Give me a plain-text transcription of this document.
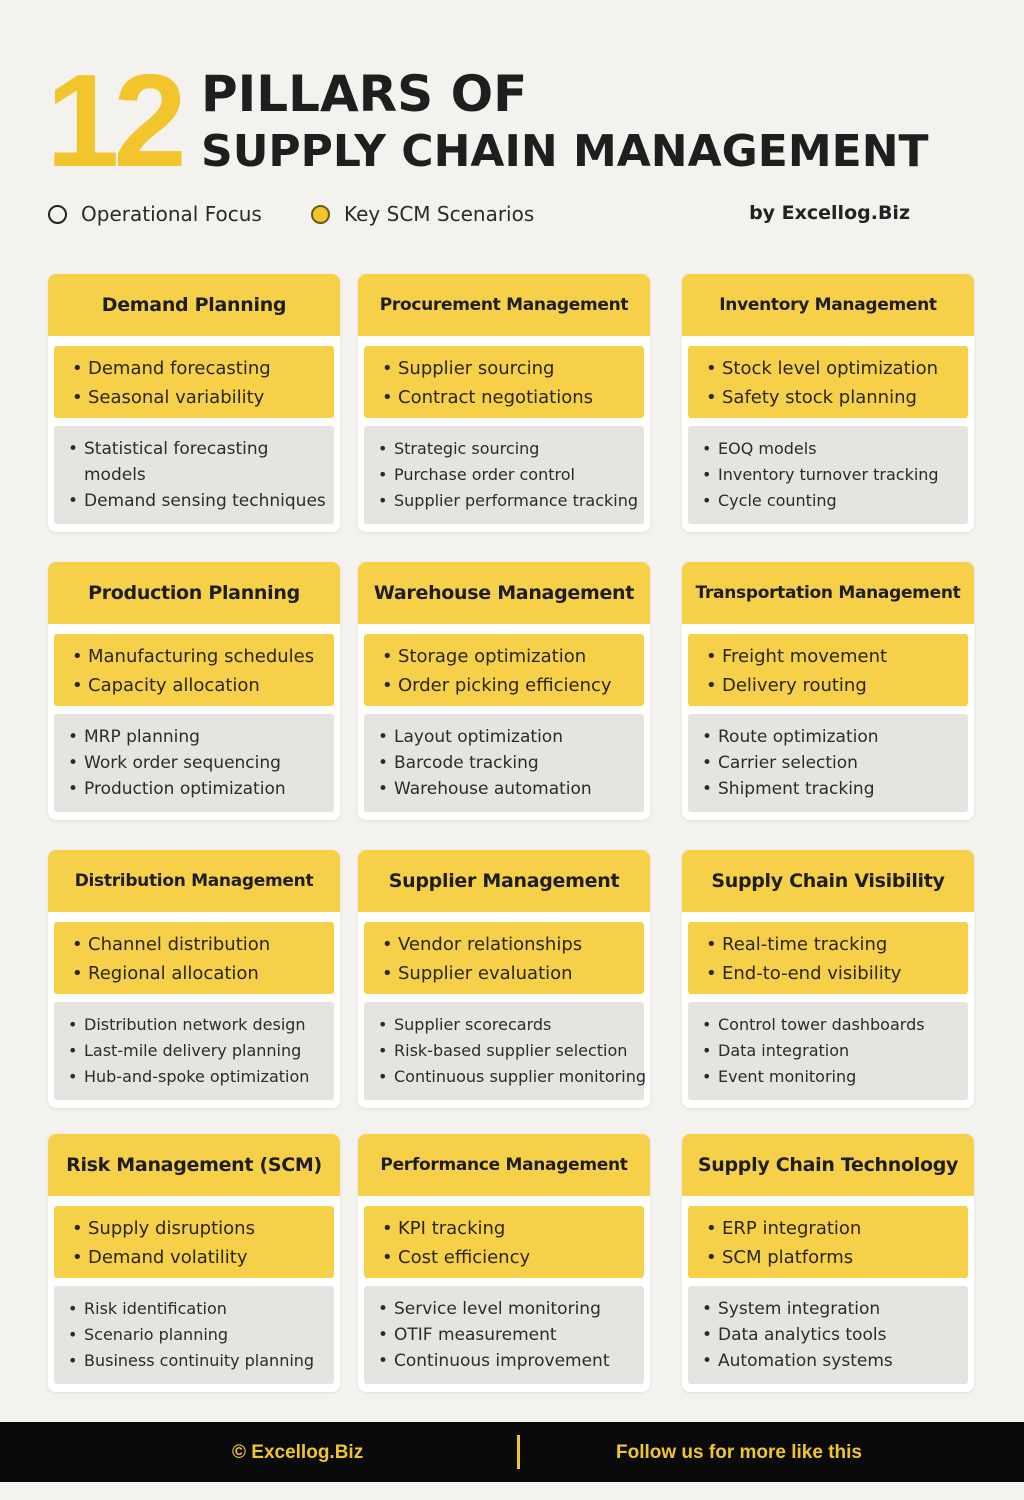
12 PILLARS OF
SUPPLY CHAIN MANAGEMENT
Operational Focus	Key SCM Scenarios	by Excellog.Biz
Demand Planning
• Demand forecasting
• Seasonal variability
• Statistical forecasting models
• Demand sensing techniques
Procurement Management
• Supplier sourcing
• Contract negotiations
• Strategic sourcing
• Purchase order control
• Supplier performance tracking
Inventory Management
• Stock level optimization
• Safety stock planning
• EOQ models
• Inventory turnover tracking
• Cycle counting
Production Planning
• Manufacturing schedules
• Capacity allocation
• MRP planning
• Work order sequencing
• Production optimization
Warehouse Management
• Storage optimization
• Order picking efficiency
• Layout optimization
• Barcode tracking
• Warehouse automation
Transportation Management
• Freight movement
• Delivery routing
• Route optimization
• Carrier selection
• Shipment tracking
Distribution Management
• Channel distribution
• Regional allocation
• Distribution network design
• Last-mile delivery planning
• Hub-and-spoke optimization
Supplier Management
• Vendor relationships
• Supplier evaluation
• Supplier scorecards
• Risk-based supplier selection
• Continuous supplier monitoring
Supply Chain Visibility
• Real-time tracking
• End-to-end visibility
• Control tower dashboards
• Data integration
• Event monitoring
Risk Management (SCM)
• Supply disruptions
• Demand volatility
• Risk identification
• Scenario planning
• Business continuity planning
Performance Management
• KPI tracking
• Cost efficiency
• Service level monitoring
• OTIF measurement
• Continuous improvement
Supply Chain Technology
• ERP integration
• SCM platforms
• System integration
• Data analytics tools
• Automation systems
© Excellog.Biz	Follow us for more like this
